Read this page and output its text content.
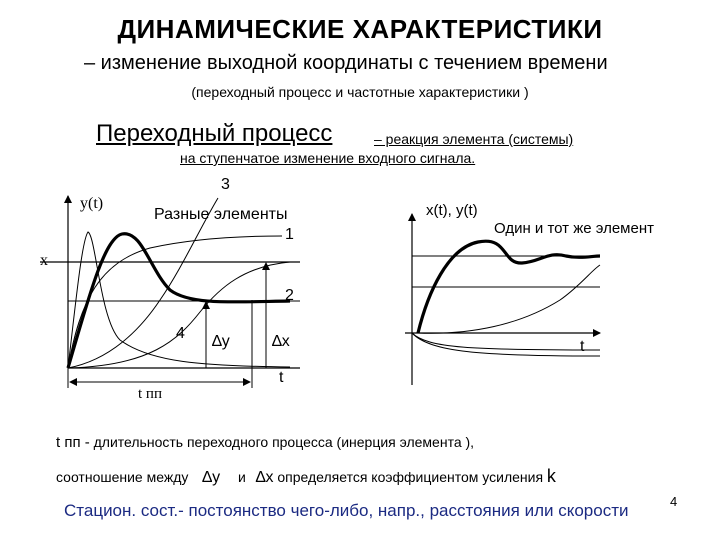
ДИНАМИЧЕСКИЕ ХАРАКТЕРИСТИКИ
– изменение выходной координаты с течением времени
(переходный процесс и частотные характеристики )
Переходный процесс	– реакция элемента (системы)
на ступенчатое изменение входного сигнала.
y(t)
x
Разные элементы
1
2
3
4 ∆y	∆x
t
t пп
x(t), y(t)
Один и тот же элемент
t
t пп - длительность переходного процесса (инерция элемента ),
соотношение между ∆y и ∆x определяется коэффициентом усиления k
Стацион. сост.- постоянство чего-либо, напр., расстояния или скорости	4
